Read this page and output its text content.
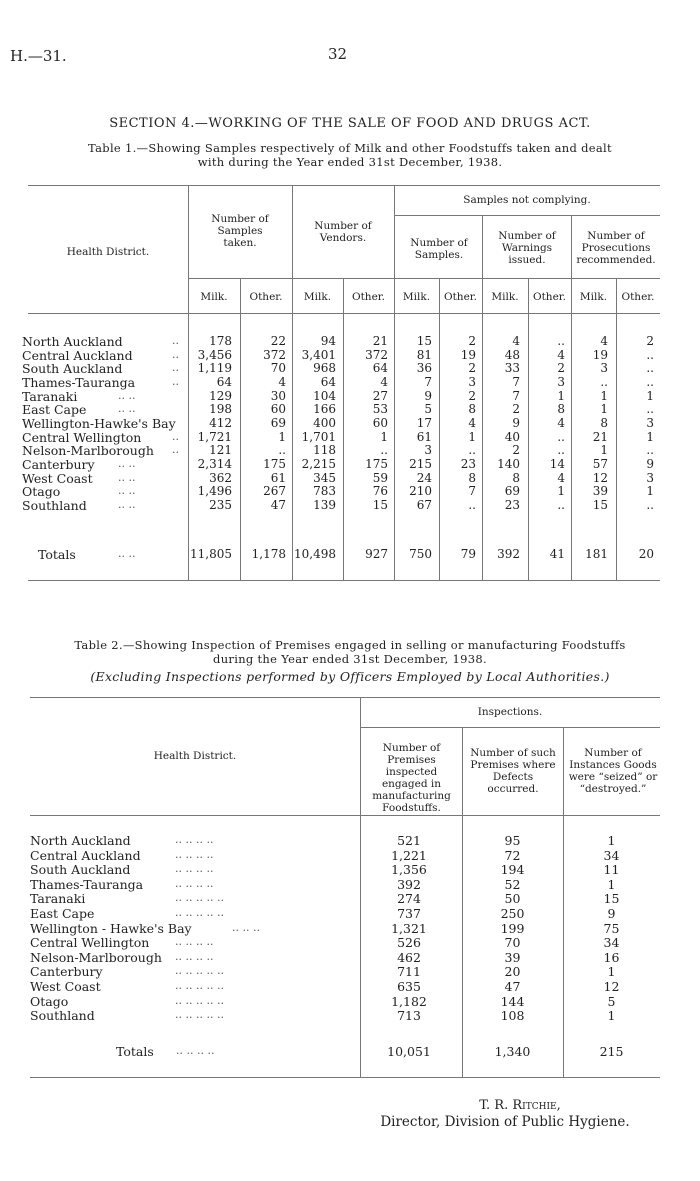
H.—31.	32
SECTION 4.—WORKING OF THE SALE OF FOOD AND DRUGS ACT.
Table 1.—Showing Samples respectively of Milk and other Foodstuffs taken and dealt
with during the Year ended 31st December, 1938.
Health District.
Number of Samples taken.
Number of Vendors.
Samples not complying.
Number of Samples.
Number of Warnings issued.
Number of Prosecutions recommended.
Milk.	Other.	Milk.	Other.	Milk.	Other.	Milk.	Other.	Milk.	Other.
North Auckland	..	178	22	94	21	15	2	4	..	4	2
Central Auckland	..	3,456	372	3,401	372	81	19	48	4	19	..
South Auckland	..	1,119	70	968	64	36	2	33	2	3	..
Thames-Tauranga	..	64	4	64	4	7	3	7	3	..	..
Taranaki	.. ..	129	30	104	27	9	2	7	1	1	1
East Cape	.. ..	198	60	166	53	5	8	2	8	1	..
Wellington-Hawke's Bay	412	69	400	60	17	4	9	4	8	3
Central Wellington	..	1,721	1	1,701	1	61	1	40	..	21	1
Nelson-Marlborough ..	121	..	118	..	3	..	2	..	1	..
Canterbury .. ..	2,314	175	2,215	175	215	23	140	14	57	9
West Coast .. ..	362	61	345	59	24	8	8	4	12	3
Otago	.. ..	1,496	267	783	76	210	7	69	1	39	1
Southland	.. ..	235	47	139	15	67	..	23	..	15	..
Totals	.. ..	11,805	1,178 10,498	927	750	79	392	41	181	20
Table 2.—Showing Inspection of Premises engaged in selling or manufacturing Foodstuffs
during the Year ended 31st December, 1938.
(Excluding Inspections performed by Officers Employed by Local Authorities.)
Health District.
Inspections.
Number of Premises inspected engaged in manufacturing Foodstuffs.
Number of such Premises where Defects occurred.
Number of Instances Goods were “seized” or “destroyed.”
North Auckland	.. .. .. ..	521	95	1
Central Auckland	.. .. .. ..	1,221	72	34
South Auckland	.. .. .. ..	1,356	194	11
Thames-Tauranga	.. .. .. ..	392	52	1
Taranaki	.. .. .. .. ..	274	50	15
East Cape	.. .. .. .. ..	737	250	9
Wellington - Hawke's Bay	.. .. ..	1,321	199	75
Central Wellington .. .. .. ..	526	70	34
Nelson-Marlborough .. .. .. ..	462	39	16
Canterbury	.. .. .. .. ..	711	20	1
West Coast	.. .. .. .. ..	635	47	12
Otago	.. .. .. .. ..	1,182	144	5
Southland	.. .. .. .. ..	713	108	1
Totals .. .. .. ..	10,051	1,340	215
T. R. Ritchie,
Director, Division of Public Hygiene.
